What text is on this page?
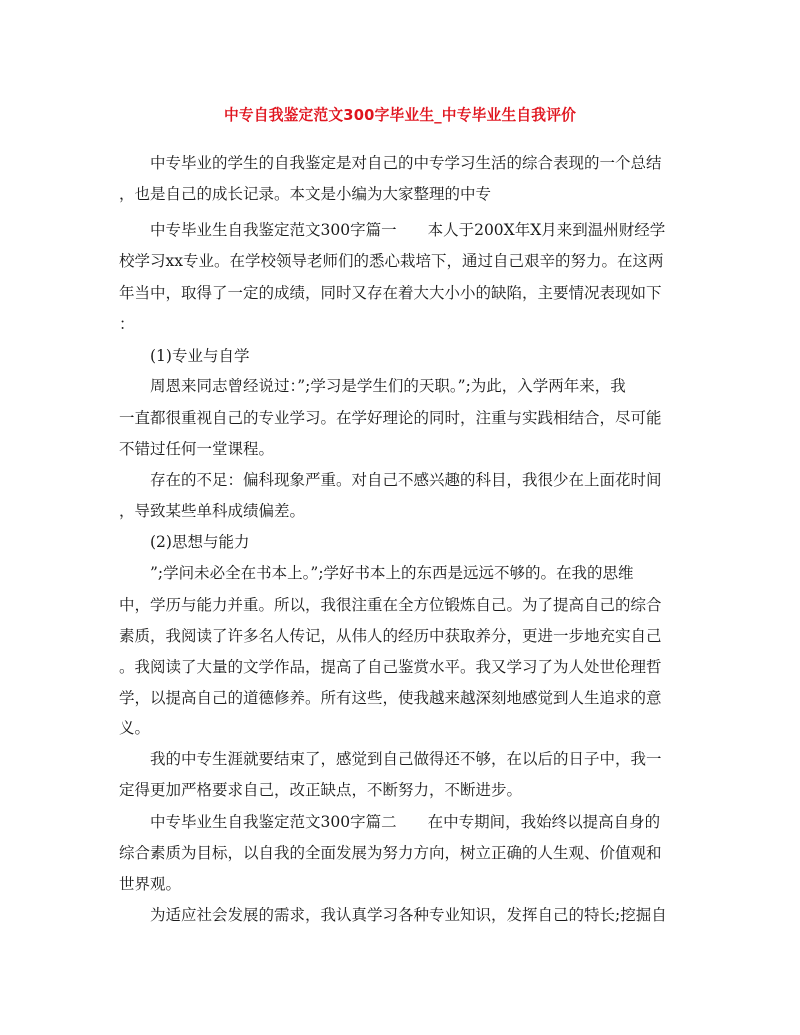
中专自我鉴定范文300字毕业生_中专毕业生自我评价
中专毕业的学生的自我鉴定是对自己的中专学习生活的综合表现的一个总结
，也是自己的成长记录。本文是小编为大家整理的中专
中专毕业生自我鉴定范文300字篇一　　本人于200X年X月来到温州财经学
校学习xx专业。在学校领导老师们的悉心栽培下，通过自己艰辛的努力。在这两
年当中，取得了一定的成绩，同时又存在着大大小小的缺陷，主要情况表现如下
：
(1)专业与自学
周恩来同志曾经说过：”;学习是学生们的天职。”;为此，入学两年来，我
一直都很重视自己的专业学习。在学好理论的同时，注重与实践相结合，尽可能
不错过任何一堂课程。
存在的不足：偏科现象严重。对自己不感兴趣的科目，我很少在上面花时间
，导致某些单科成绩偏差。
(2)思想与能力
”;学问未必全在书本上。”;学好书本上的东西是远远不够的。在我的思维
中，学历与能力并重。所以，我很注重在全方位锻炼自己。为了提高自己的综合
素质，我阅读了许多名人传记，从伟人的经历中获取养分，更进一步地充实自己
。我阅读了大量的文学作品，提高了自己鉴赏水平。我又学习了为人处世伦理哲
学，以提高自己的道德修养。所有这些，使我越来越深刻地感觉到人生追求的意
义。
我的中专生涯就要结束了，感觉到自己做得还不够，在以后的日子中，我一
定得更加严格要求自己，改正缺点，不断努力，不断进步。
中专毕业生自我鉴定范文300字篇二　　在中专期间，我始终以提高自身的
综合素质为目标，以自我的全面发展为努力方向，树立正确的人生观、价值观和
世界观。
为适应社会发展的需求，我认真学习各种专业知识，发挥自己的特长;挖掘自
